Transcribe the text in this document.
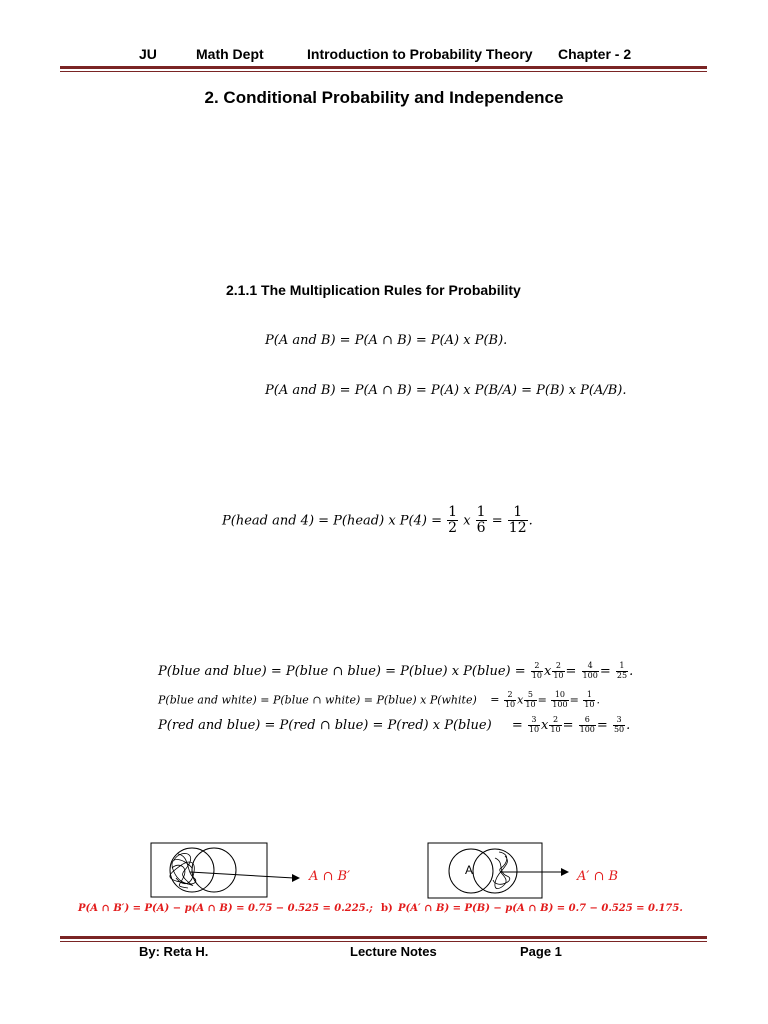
JU	Math Dept	Introduction to Probability Theory Chapter - 2
2. Conditional Probability and Independence
2.1.1 The Multiplication Rules for Probability
P(A and B) = P(A ∩ B) = P(A) x P(B).
P(A and B) = P(A ∩ B) = P(A) x P(B/A) = P(B) x P(A/B).
P(head and 4) = P(head) x $P(4) = \frac{1}{2}$ x $\frac{1}{6} = \frac{1}{12}$ .
P(blue and blue) = P(blue ∩ blue) = P(blue) x P(blue) = $\frac{2}{10}$ x $\frac{2}{10} = \frac{4}{100} = \frac{1}{25}$ .
P(blue and white) = P(blue ∩ white) = P(blue) x P(white) = $\frac{2}{10}$ x $\frac{5}{10} = \frac{10}{100} = \frac{1}{10}$ .
P(red and blue) = P(red ∩ blue) = P(red) x P(blue) = $\frac{3}{10}$ x $\frac{2}{10} = \frac{6}{100} = \frac{3}{50}$ .
A ∩ B′	A	A′ ∩ B
P(A ∩ B′) = P(A) − p(A ∩ B) = 0.75 − 0.525 = 0.225.; b) P(A′ ∩ B) = P(B) − p(A ∩ B) = 0.7 − 0.525 = 0.175.
By: Reta H.	Lecture Notes	Page 1
